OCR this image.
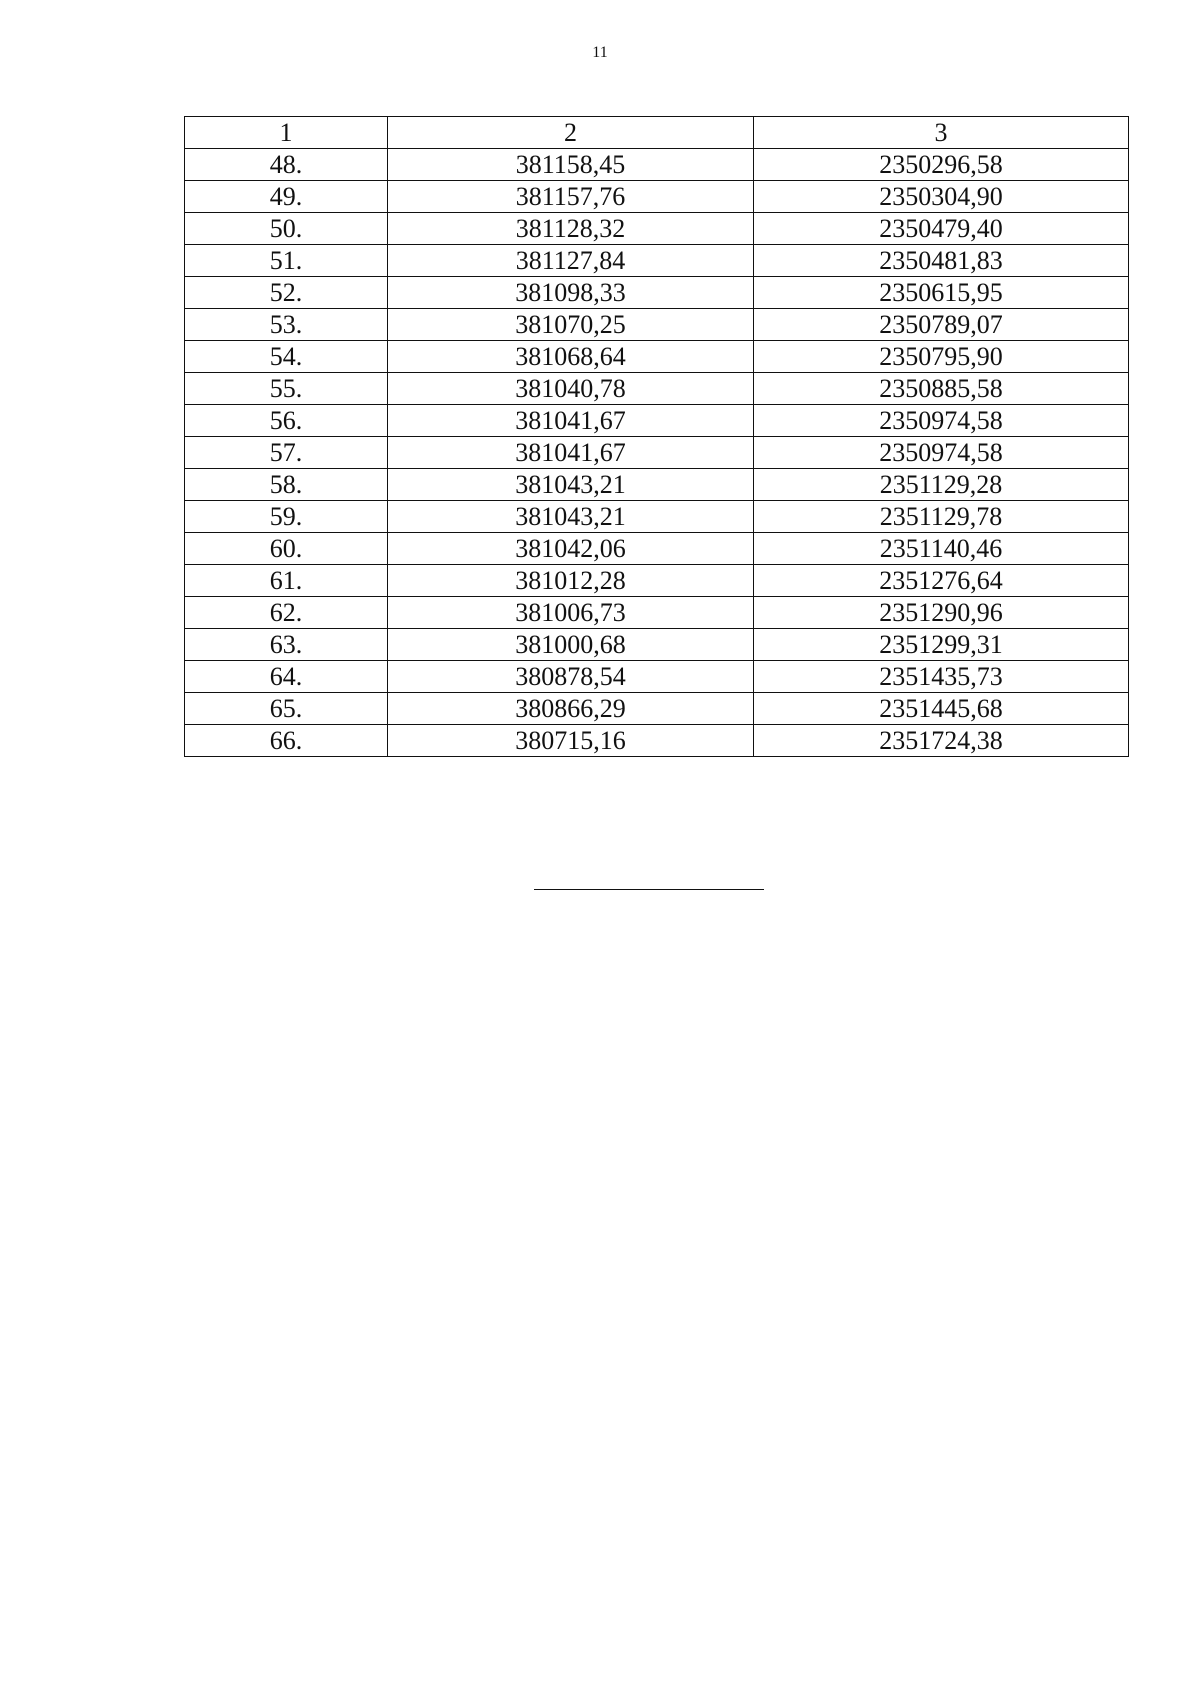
11
1	2	3
48.	381158,45	2350296,58
49.	381157,76	2350304,90
50.	381128,32	2350479,40
51.	381127,84	2350481,83
52.	381098,33	2350615,95
53.	381070,25	2350789,07
54.	381068,64	2350795,90
55.	381040,78	2350885,58
56.	381041,67	2350974,58
57.	381041,67	2350974,58
58.	381043,21	2351129,28
59.	381043,21	2351129,78
60.	381042,06	2351140,46
61.	381012,28	2351276,64
62.	381006,73	2351290,96
63.	381000,68	2351299,31
64.	380878,54	2351435,73
65.	380866,29	2351445,68
66.	380715,16	2351724,38
